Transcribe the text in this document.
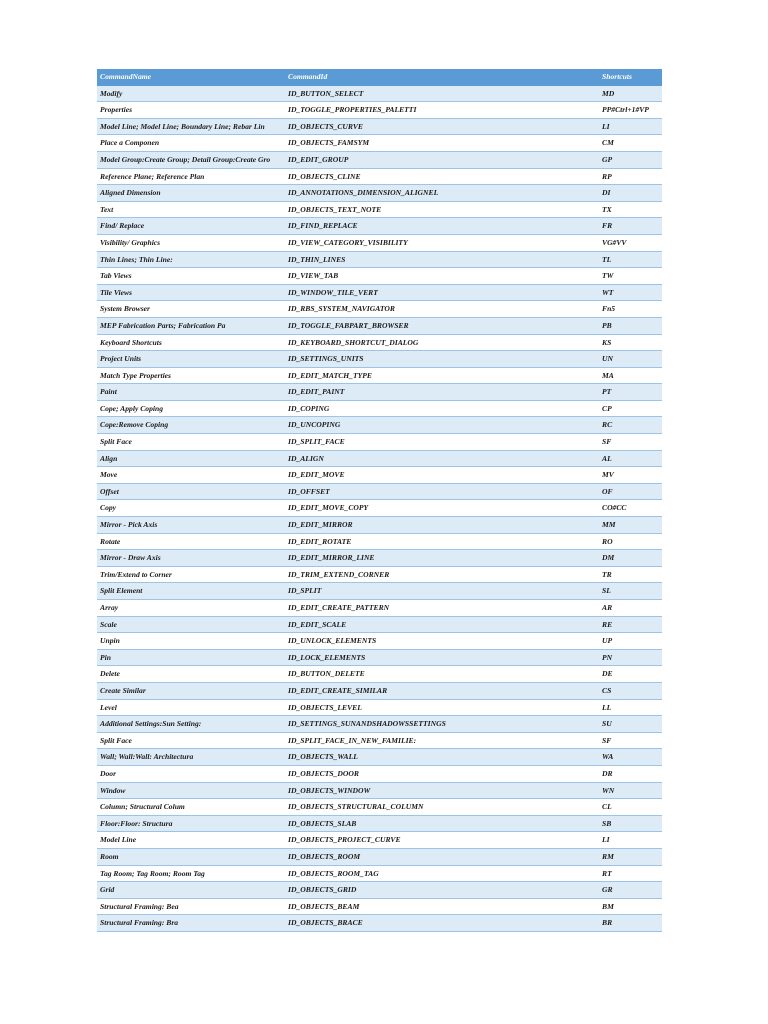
CommandName	CommandId	Shortcuts
Modify	ID_BUTTON_SELECT	MD
Properties	ID_TOGGLE_PROPERTIES_PALETTI	PP#Ctrl+1#VP
Model Line; Model Line; Boundary Line; Rebar Lin	ID_OBJECTS_CURVE	LI
Place a Componen	ID_OBJECTS_FAMSYM	CM
Model Group:Create Group; Detail Group:Create Gro	ID_EDIT_GROUP	GP
Reference Plane; Reference Plan	ID_OBJECTS_CLINE	RP
Aligned Dimension	ID_ANNOTATIONS_DIMENSION_ALIGNEL	DI
Text	ID_OBJECTS_TEXT_NOTE	TX
Find/ Replace	ID_FIND_REPLACE	FR
Visibility/ Graphics	ID_VIEW_CATEGORY_VISIBILITY	VG#VV
Thin Lines; Thin Line:	ID_THIN_LINES	TL
Tab Views	ID_VIEW_TAB	TW
Tile Views	ID_WINDOW_TILE_VERT	WT
System Browser	ID_RBS_SYSTEM_NAVIGATOR	Fn5
MEP Fabrication Parts; Fabrication Pa	ID_TOGGLE_FABPART_BROWSER	PB
Keyboard Shortcuts	ID_KEYBOARD_SHORTCUT_DIALOG	KS
Project Units	ID_SETTINGS_UNITS	UN
Match Type Properties	ID_EDIT_MATCH_TYPE	MA
Paint	ID_EDIT_PAINT	PT
Cope; Apply Coping	ID_COPING	CP
Cope:Remove Coping	ID_UNCOPING	RC
Split Face	ID_SPLIT_FACE	SF
Align	ID_ALIGN	AL
Move	ID_EDIT_MOVE	MV
Offset	ID_OFFSET	OF
Copy	ID_EDIT_MOVE_COPY	CO#CC
Mirror - Pick Axis	ID_EDIT_MIRROR	MM
Rotate	ID_EDIT_ROTATE	RO
Mirror - Draw Axis	ID_EDIT_MIRROR_LINE	DM
Trim/Extend to Corner	ID_TRIM_EXTEND_CORNER	TR
Split Element	ID_SPLIT	SL
Array	ID_EDIT_CREATE_PATTERN	AR
Scale	ID_EDIT_SCALE	RE
Unpin	ID_UNLOCK_ELEMENTS	UP
Pin	ID_LOCK_ELEMENTS	PN
Delete	ID_BUTTON_DELETE	DE
Create Similar	ID_EDIT_CREATE_SIMILAR	CS
Level	ID_OBJECTS_LEVEL	LL
Additional Settings:Sun Setting:	ID_SETTINGS_SUNANDSHADOWSSETTINGS	SU
Split Face	ID_SPLIT_FACE_IN_NEW_FAMILIE:	SF
Wall; Wall:Wall: Architectura	ID_OBJECTS_WALL	WA
Door	ID_OBJECTS_DOOR	DR
Window	ID_OBJECTS_WINDOW	WN
Column; Structural Colum	ID_OBJECTS_STRUCTURAL_COLUMN	CL
Floor:Floor: Structura	ID_OBJECTS_SLAB	SB
Model Line	ID_OBJECTS_PROJECT_CURVE	LI
Room	ID_OBJECTS_ROOM	RM
Tag Room; Tag Room; Room Tag	ID_OBJECTS_ROOM_TAG	RT
Grid	ID_OBJECTS_GRID	GR
Structural Framing: Bea	ID_OBJECTS_BEAM	BM
Structural Framing: Bra	ID_OBJECTS_BRACE	BR
